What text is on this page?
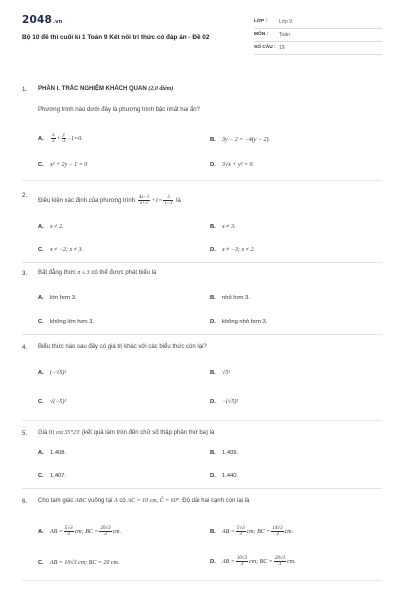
2048.vn
Bộ 10 đề thi cuối kì 1 Toán 9 Kết nối tri thức có đáp án - Đề 02
LỚP : Lớp 9
MÔN : Toán
SỐ CÂU : 19
1. PHẦN I. TRẮC NGHIỆM KHÁCH QUAN (2,0 điểm)
Phương trình nào dưới đây là phương trình bậc nhất hai ẩn?
A. $\frac{x}{2} + \frac{y}{3} -1=0$.	B. 3y − 2 = −4(y − 2).
C. x² + 2y − 1 = 0	D. 3√x + y² = 0.
2.
Điều kiện xác định của phương trình $\frac{4x-1}{x+2} +1= \frac{3}{x-3}$ là
A. x ≠ 2.	B. x ≠ 3.
C. x ≠ −2; x ≠ 3.	D. x ≠ −3; x ≠ 2.
3. Bất đẳng thức n ≤ 3 có thể được phát biểu là
A. lớn hơn 3.	B. nhỏ hơn 3.
C. không lớn hơn 3.	D. không nhỏ hơn 3.
4. Biểu thức nào sau đây có giá trị khác với các biểu thức còn lại?
A. (−√5)²	B. √5²
C. √(−5)²	D. −(√5)²
5. Giá trị cot 35°23′ (kết quả làm tròn đến chữ số thập phân thứ ba) là
A. 1,408.	B. 1,409.
C. 1,407.	D. 1,440.
6. Cho tam giác ABC vuông tại A có AC = 10 cm, Ĉ = 60°. Độ dài hai cạnh còn lại là
A. AB = $\frac{5√3}{3}$ cm; BC = $\frac{20√3}{3}$ cm.	B. AB = $\frac{5√3}{3}$ cm; BC = $\frac{14√3}{3}$ cm.
C. AB = 10√3 cm; BC = 20 cm.	D. AB = $\frac{10√3}{3}$ cm; BC = $\frac{20√3}{3}$ cm.
